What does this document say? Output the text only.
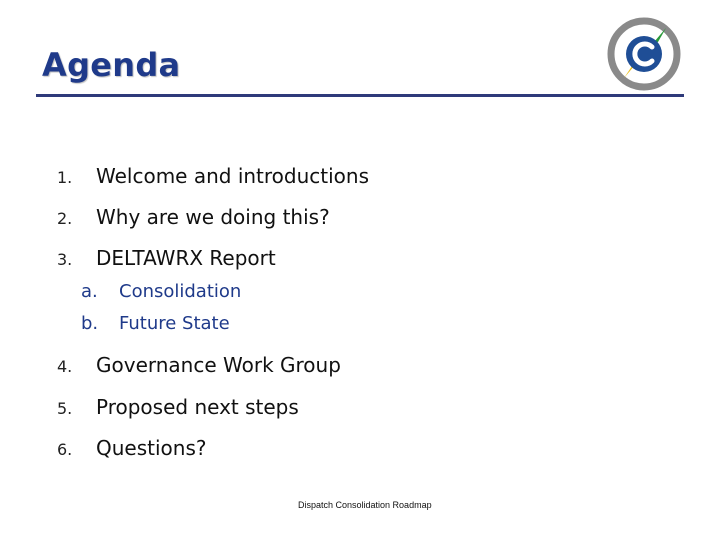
Agenda
1. Welcome and introductions
2. Why are we doing this?
3. DELTAWRX Report
a. Consolidation
b. Future State
4. Governance Work Group
5. Proposed next steps
6. Questions?
Dispatch Consolidation Roadmap
